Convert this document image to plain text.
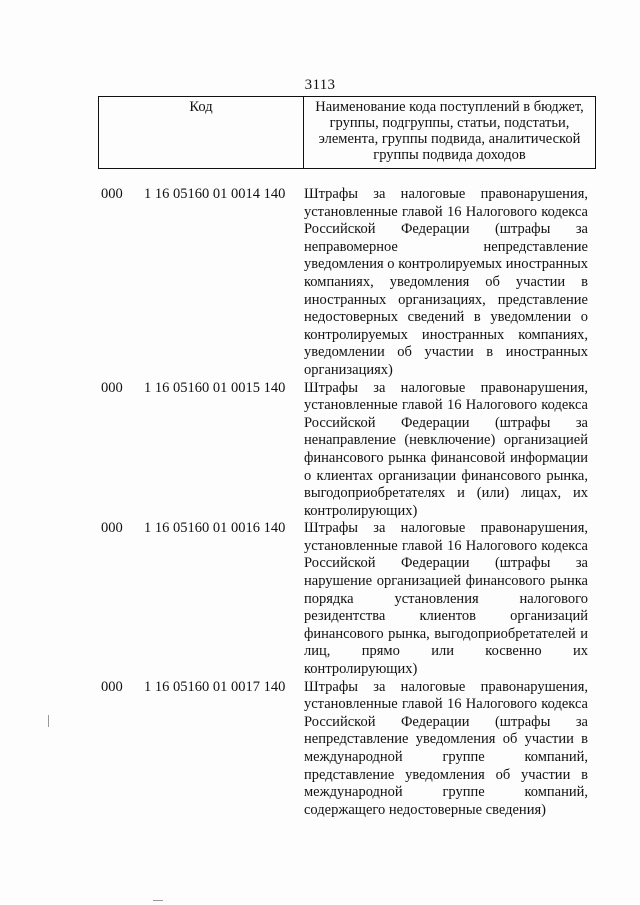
3113
Код	Наименование кода поступлений в бюджет, группы, подгруппы, статьи, подстатьи, элемента, группы подвида, аналитической группы подвида доходов
000 1 16 05160 01 0014 140 Штрафы за налоговые правонарушения,
установленные главой 16 Налогового кодекса
Российской Федерации (штрафы за
неправомерное непредставление
уведомления о контролируемых иностранных
компаниях, уведомления об участии в
иностранных организациях, представление
недостоверных сведений в уведомлении о
контролируемых иностранных компаниях,
уведомлении об участии в иностранных
организациях)
000 1 16 05160 01 0015 140 Штрафы за налоговые правонарушения,
установленные главой 16 Налогового кодекса
Российской Федерации (штрафы за
ненаправление (невключение) организацией
финансового рынка финансовой информации
о клиентах организации финансового рынка,
выгодоприобретателях и (или) лицах, их
контролирующих)
000 1 16 05160 01 0016 140 Штрафы за налоговые правонарушения,
установленные главой 16 Налогового кодекса
Российской Федерации (штрафы за
нарушение организацией финансового рынка
порядка установления налогового
резидентства клиентов организаций
финансового рынка, выгодоприобретателей и
лиц, прямо или косвенно их
контролирующих)
000 1 16 05160 01 0017 140 Штрафы за налоговые правонарушения,
установленные главой 16 Налогового кодекса
Российской Федерации (штрафы за
непредставление уведомления об участии в
международной группе компаний,
представление уведомления об участии в
международной группе компаний,
содержащего недостоверные сведения)
